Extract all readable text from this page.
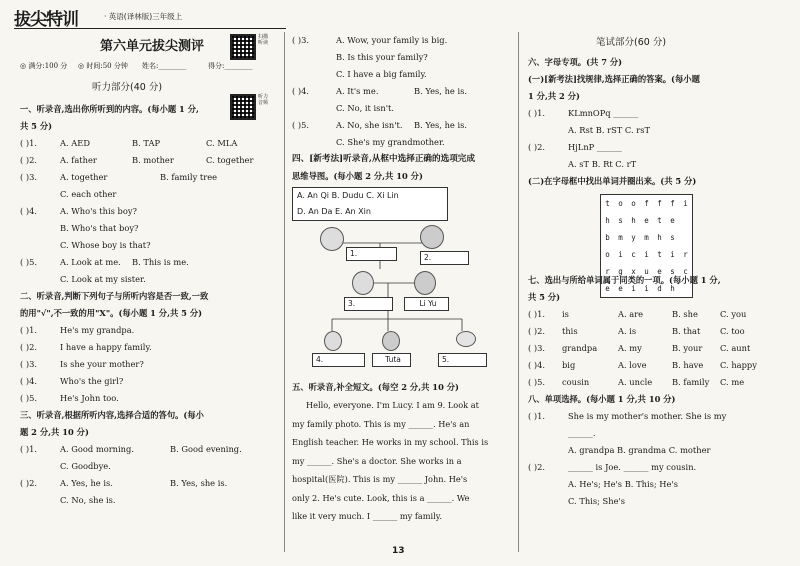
拔尖特训	· 英语(译林版)三年级上
第六单元拔尖测评
扫描听读
◎ 满分:100 分 ◎ 时间:50 分钟 姓名:________	得分:________
听力部分(40 分)
听力音频
一、听录音,选出你所听到的内容。(每小题 1 分,
共 5 分)
( )1.	A. AED	B. TAP	C. MLA
( )2.	A. father	B. mother	C. together
( )3.	A. together	B. family tree
C. each other
( )4.	A. Who's this boy?
B. Who's that boy?
C. Whose boy is that?
( )5.	A. Look at me. B. This is me.
C. Look at my sister.
二、听录音,判断下列句子与所听内容是否一致,一致
的用"√",不一致的用"X"。(每小题 1 分,共 5 分)
( )1.	He's my grandpa.
( )2.	I have a happy family.
( )3.	Is she your mother?
( )4.	Who's the girl?
( )5.	He's John too.
三、听录音,根据所听内容,选择合适的答句。(每小
题 2 分,共 10 分)
( )1.	A. Good morning.	B. Good evening.
C. Goodbye.
( )2.	A. Yes, he is.	B. Yes, she is.
C. No, she is.
( )3.	A. Wow, your family is big.
B. Is this your family?
C. I have a big family.
( )4.	A. It's me.	B. Yes, he is.
C. No, it isn't.
( )5.	A. No, she isn't. B. Yes, he is.
C. She's my grandmother.
四、[新考法]听录音,从框中选择正确的选项完成
思维导图。(每小题 2 分,共 10 分)
A. An Qi B. Dudu C. Xi Lin
D. An Da E. An Xin
1.	2.
3.	Li Yu
4.	Tuta	5.
五、听录音,补全短文。(每空 2 分,共 10 分)
Hello, everyone. I'm Lucy. I am 9. Look at
my family photo. This is my ______. He's an
English teacher. He works in my school. This is
my ______. She's a doctor. She works in a
hospital(医院). This is my ______ John. He's
only 2. He's cute. Look, this is a ______. We
like it very much. I ______ my family.
笔试部分(60 分)
六、字母专项。(共 7 分)
(一)[新考法]找规律,选择正确的答案。(每小题
1 分,共 2 分)
( )1.	KLmnOPq ______
A. Rst B. rST C. rsT
( )2.	HjLnP ______
A. sT B. Rt C. rT
(二)在字母框中找出单词并圈出来。(共 5 分)
t	o	o	f	f	f	i
h	s	h	e	t	e	
b	m	y	m	h	s	
o	i	c	i	t	i	r
r	g	x	u	e	s	c
e	e	i	i	d	h	
七、选出与所给单词属于同类的一项。(每小题 1 分,
共 5 分)
( )1. is	A. are	B. she	C. you
( )2. this	A. is	B. that C. too
( )3. grandpa	A. my	B. your C. aunt
( )4. big	A. love	B. have C. happy
( )5. cousin	A. uncle B. family C. me
八、单项选择。(每小题 1 分,共 10 分)
( )1.	She is my mother's mother. She is my
______.
A. grandpa B. grandma C. mother
( )2.	______ is Joe. ______ my cousin.
A. He's; He's B. This; He's
C. This; She's
13
